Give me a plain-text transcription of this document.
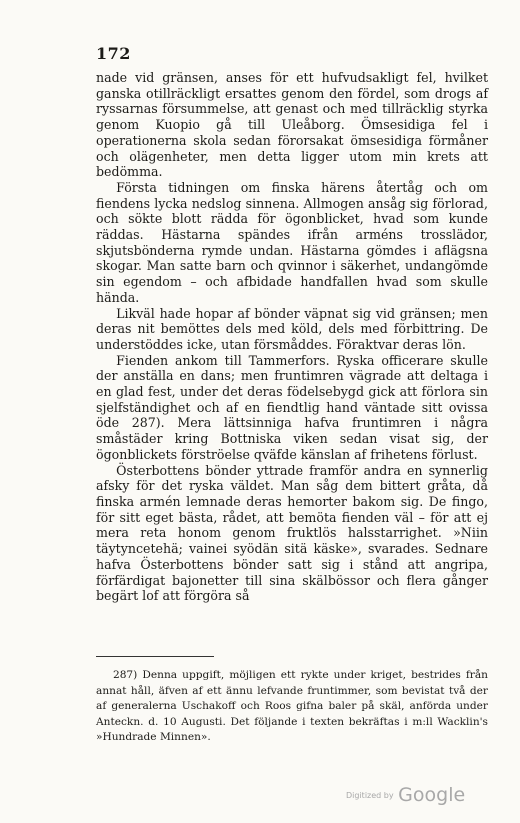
172

nade vid gränsen, anses för ett hufvudsakligt fel, hvilket ganska otillräckligt ersattes genom den fördel, som drogs af ryssarnas försummelse, att genast och med tillräcklig styrka genom Kuopio gå till Uleåborg. Ömsesidiga fel i operationerna skola sedan förorsakat ömsesidiga förmåner och olägenheter, men detta ligger utom min krets att bedömma.

Första tidningen om finska härens återtåg och om fiendens lycka nedslog sinnena. Allmogen ansåg sig förlorad, och sökte blott rädda för ögonblicket, hvad som kunde räddas. Hästarna spändes ifrån arméns trosslädor, skjutsbönderna rymde undan. Hästarna gömdes i aflägsna skogar. Man satte barn och qvinnor i säkerhet, undangömde sin egendom – och afbidade handfallen hvad som skulle hända.

Likväl hade hopar af bönder väpnat sig vid gränsen; men deras nit bemöttes dels med köld, dels med förbittring. De understöddes icke, utan försmåddes. Föraktvar deras lön.

Fienden ankom till Tammerfors. Ryska officerare skulle der anställa en dans; men fruntimren vägrade att deltaga i en glad fest, under det deras födelsebygd gick att förlora sin sjelfständighet och af en fiendtlig hand väntade sitt ovissa öde 287). Mera lättsinniga hafva fruntimren i några småstäder kring Bottniska viken sedan visat sig, der ögonblickets förströelse qväfde känslan af frihetens förlust.

Österbottens bönder yttrade framför andra en synnerlig afsky för det ryska väldet. Man såg dem bittert gråta, då finska armén lemnade deras hemorter bakom sig. De fingo, för sitt eget bästa, rådet, att bemöta fienden väl – för att ej mera reta honom genom fruktlös halsstarrighet. »Niin täytyncetehä; vainei syödän sitä käske», svarades. Sednare hafva Österbottens bönder satt sig i stånd att angripa, förfärdigat bajonetter till sina skälbössor och flera gånger begärt lof att förgöra så

287) Denna uppgift, möjligen ett rykte under kriget, bestrides från annat håll, äfven af ett ännu lefvande fruntimmer, som bevistat två der af generalerna Uschakoff och Roos gifna baler på skäl, anförda under Anteckn. d. 10 Augusti. Det följande i texten bekräftas i m:ll Wacklin's »Hundrade Minnen».
Digitized by Google
